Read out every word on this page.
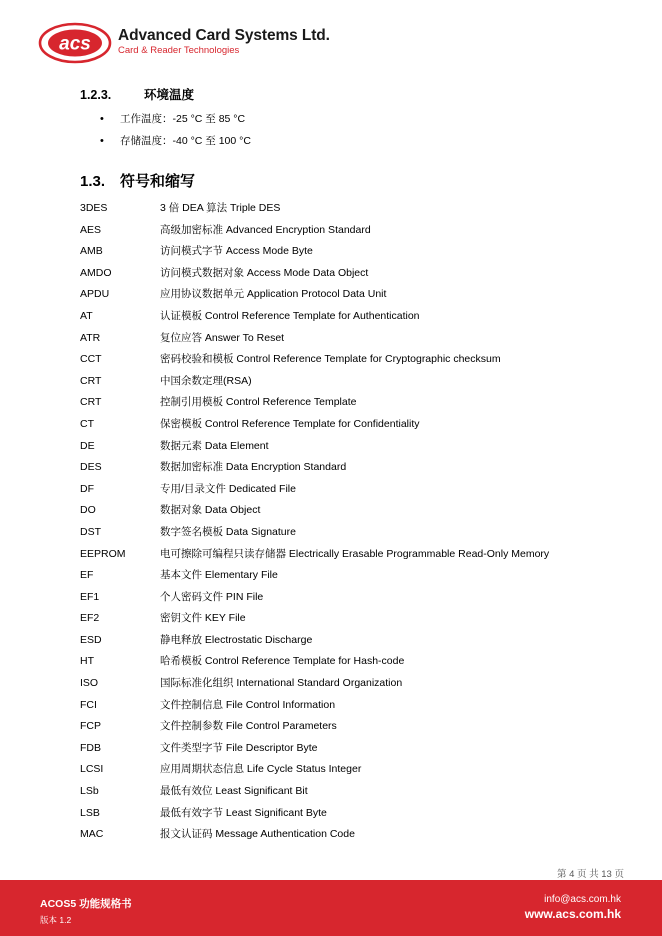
acs Advanced Card Systems Ltd.
Card & Reader Technologies
1.2.3.	环境温度
• 工作温度：-25 °C 至 85 °C
• 存储温度：-40 °C 至 100 °C
1.3. 符号和缩写
3DES	3 倍 DEA 算法 Triple DES
AES	高级加密标准 Advanced Encryption Standard
AMB	访问模式字节 Access Mode Byte
AMDO	访问模式数据对象 Access Mode Data Object
APDU	应用协议数据单元 Application Protocol Data Unit
AT	认证模板 Control Reference Template for Authentication
ATR	复位应答 Answer To Reset
CCT	密码校验和模板 Control Reference Template for Cryptographic checksum
CRT	中国余数定理(RSA)
CRT	控制引用模板 Control Reference Template
CT	保密模板 Control Reference Template for Confidentiality
DE	数据元素 Data Element
DES	数据加密标准 Data Encryption Standard
DF	专用/目录文件 Dedicated File
DO	数据对象 Data Object
DST	数字签名模板 Data Signature
EEPROM	电可擦除可编程只读存储器 Electrically Erasable Programmable Read-Only Memory
EF	基本文件 Elementary File
EF1	个人密码文件 PIN File
EF2	密钥文件 KEY File
ESD	静电释放 Electrostatic Discharge
HT	哈希模板 Control Reference Template for Hash-code
ISO	国际标准化组织 International Standard Organization
FCI	文件控制信息 File Control Information
FCP	文件控制参数 File Control Parameters
FDB	文件类型字节 File Descriptor Byte
LCSI	应用周期状态信息 Life Cycle Status Integer
LSb	最低有效位 Least Significant Bit
LSB	最低有效字节 Least Significant Byte
MAC	报文认证码 Message Authentication Code
第 4 页 共 13 页
ACOS5 功能规格书
版本 1.2
info@acs.com.hk
www.acs.com.hk
